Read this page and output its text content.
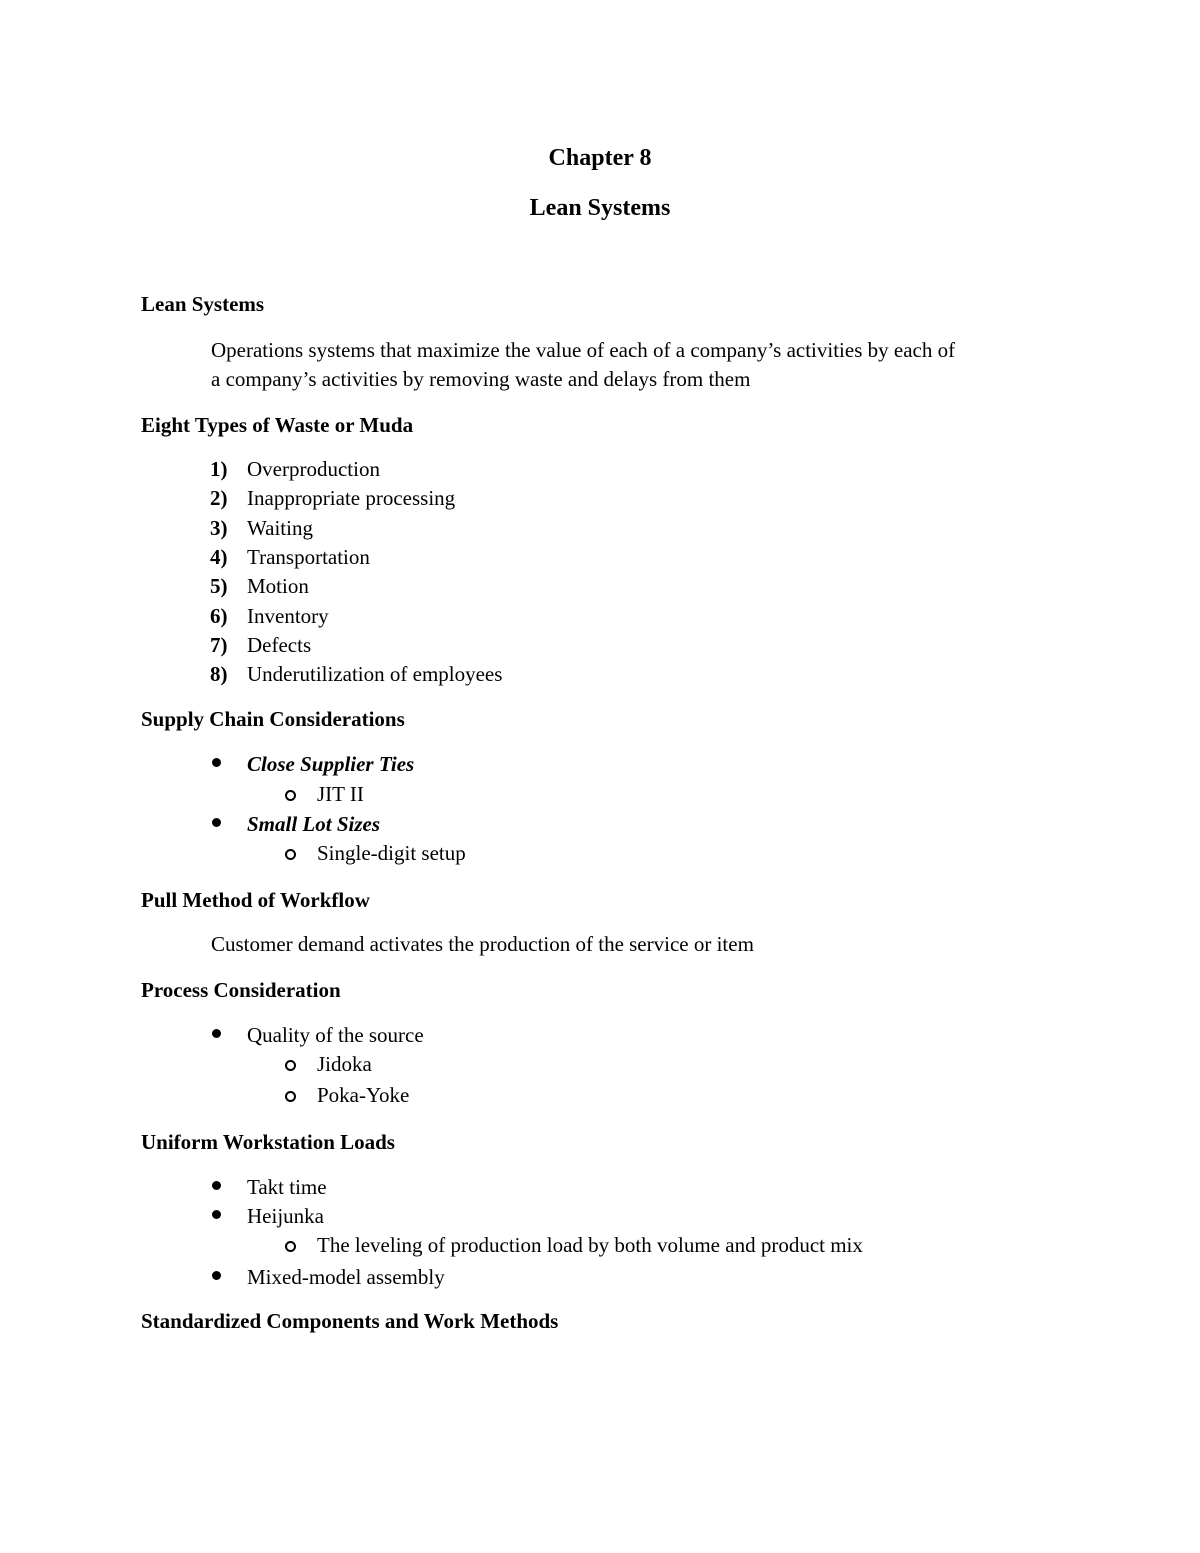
Chapter 8
Lean Systems
Lean Systems
Operations systems that maximize the value of each of a company’s activities by each of
a company’s activities by removing waste and delays from them
Eight Types of Waste or Muda
1) Overproduction
2) Inappropriate processing
3) Waiting
4) Transportation
5) Motion
6) Inventory
7) Defects
8) Underutilization of employees
Supply Chain Considerations
Close Supplier Ties
JIT II
Small Lot Sizes
Single-digit setup
Pull Method of Workflow
Customer demand activates the production of the service or item
Process Consideration
Quality of the source
Jidoka
Poka-Yoke
Uniform Workstation Loads
Takt time
Heijunka
The leveling of production load by both volume and product mix
Mixed-model assembly
Standardized Components and Work Methods
